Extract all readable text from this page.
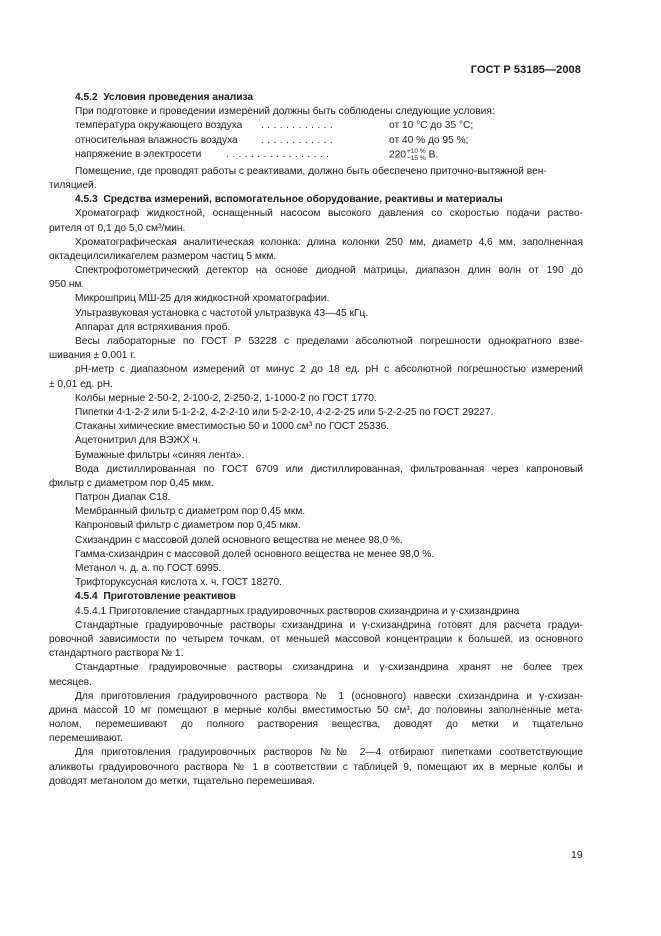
ГОСТ Р 53185—2008
4.5.2 Условия проведения анализа
При подготовке и проведении измерений должны быть соблюдены следующие условия:
температура окружающего воздуха . . . . . . . . . . . .	от 10 °С до 35 °С;
относительная влажность воздуха . . . . . . . . . . . .	от 40 % до 95 %;
напряжение в электросети . . . . . . . . . . . . . . . . .	220 +10 %
−15 % В.
Помещение, где проводят работы с реактивами, должно быть обеспечено приточно-вытяжной вен-
тиляцией.
4.5.3 Средства измерений, вспомогательное оборудование, реактивы и материалы
Хроматограф жидкостной, оснащенный насосом высокого давления со скоростью подачи раство-
рителя от 0,1 до 5,0 см³/мин.
Хроматографическая аналитическая колонка: длина колонки 250 мм, диаметр 4,6 мм, заполненная
октадецилсиликагелем размером частиц 5 мкм.
Спектрофотометрический детектор на основе диодной матрицы, диапазон длин волн от 190 до
950 нм.
Микрошприц МШ-25 для жидкостной хроматографии.
Ультразвуковая установка с частотой ультразвука 43—45 кГц.
Аппарат для встряхивания проб.
Весы лабораторные по ГОСТ Р 53228 с пределами абсолютной погрешности однократного взве-
шивания ± 0,001 г.
pH-метр с диапазоном измерений от минус 2 до 18 ед. pH с абсолютной погрешностью измерений
± 0,01 ед. pH.
Колбы мерные 2-50-2, 2-100-2, 2-250-2, 1-1000-2 по ГОСТ 1770.
Пипетки 4-1-2-2 или 5-1-2-2, 4-2-2-10 или 5-2-2-10, 4-2-2-25 или 5-2-2-25 по ГОСТ 29227.
Стаканы химические вместимостью 50 и 1000 см³ по ГОСТ 25336.
Ацетонитрил для ВЭЖХ ч.
Бумажные фильтры «синяя лента».
Вода дистиллированная по ГОСТ 6709 или дистиллированная, фильтрованная через капроновый
фильтр с диаметром пор 0,45 мкм.
Патрон Диапак С18.
Мембранный фильтр с диаметром пор 0,45 мкм.
Капроновый фильтр с диаметром пор 0,45 мкм.
Схизандрин с массовой долей основного вещества не менее 98,0 %.
Гамма-схизандрин с массовой долей основного вещества не менее 98,0 %.
Метанол ч. д. а. по ГОСТ 6995.
Трифторуксусная кислота х. ч. ГОСТ 18270.
4.5.4 Приготовление реактивов
4.5.4.1 Приготовление стандартных градуировочных растворов схизандрина и γ-схизандрина
Стандартные градуировочные растворы схизандрина и γ-схизандрина готовят для расчета градуи-
ровочной зависимости по четырем точкам, от меньшей массовой концентрации к большей, из основного
стандартного раствора № 1.
Стандартные градуировочные растворы схизандрина и γ-схизандрина хранят не более трех
месяцев.
Для приготовления градуировочного раствора № 1 (основного) навески схизандрина и γ-схизан-
дрина массой 10 мг помещают в мерные колбы вместимостью 50 см³, до половины заполненные мета-
нолом, перемешивают до полного растворения вещества, доводят до метки и тщательно
перемешивают.
Для приготовления градуировочных растворов №№ 2—4 отбирают пипетками соответствующие
аликвоты градуировочного раствора № 1 в соответствии с таблицей 9, помещают их в мерные колбы и
доводят метанолом до метки, тщательно перемешивая.
19
